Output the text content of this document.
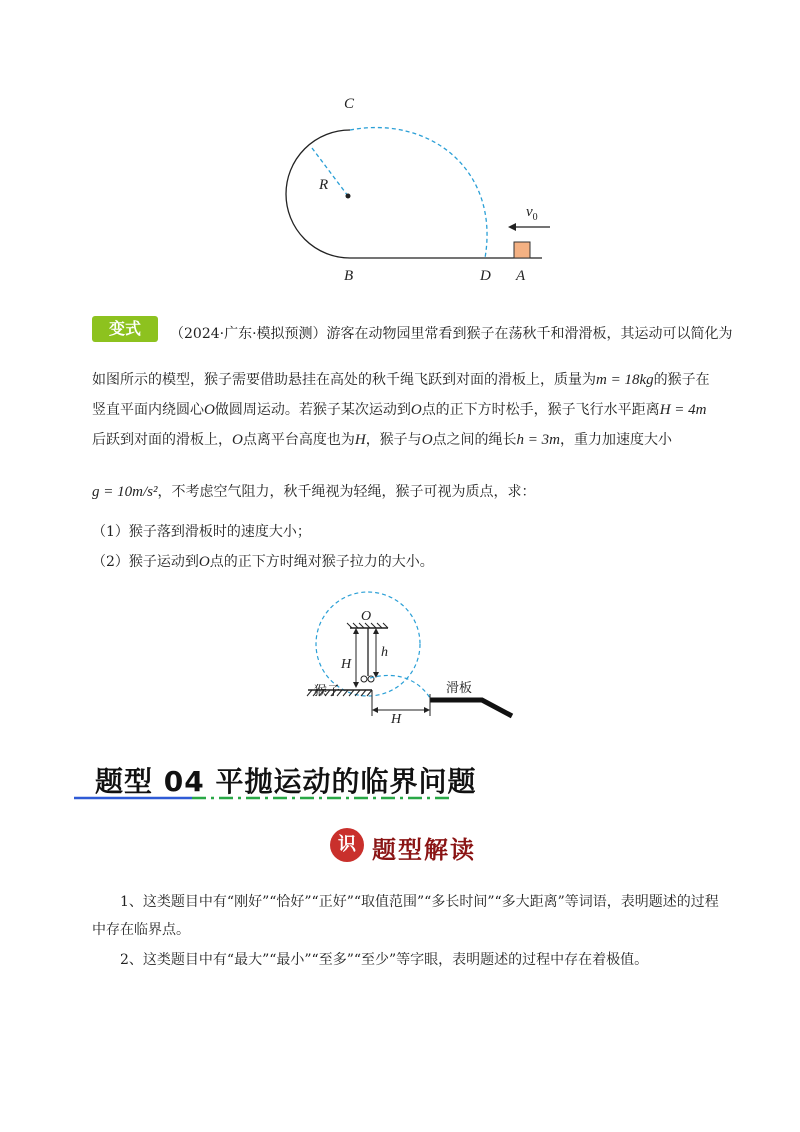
C
R
B	D A
$v_0$
变式	（2024·广东·模拟预测）游客在动物园里常看到猴子在荡秋千和滑滑板，其运动可以简化为
如图所示的模型，猴子需要借助悬挂在高处的秋千绳飞跃到对面的滑板上，质量为m = 18kg的猴子在
竖直平面内绕圆心O做圆周运动。若猴子某次运动到O点的正下方时松手，猴子飞行水平距离H = 4m
后跃到对面的滑板上，O点离平台高度也为H，猴子与O点之间的绳长h = 3m，重力加速度大小
g = 10m/s²，不考虑空气阻力，秋千绳视为轻绳，猴子可视为质点，求：
（1）猴子落到滑板时的速度大小；
（2）猴子运动到O点的正下方时绳对猴子拉力的大小。
O
h
H
H
猴子	滑板
题型 04 平抛运动的临界问题
识 题型解读
1、这类题目中有“刚好”“恰好”“正好”“取值范围”“多长时间”“多大距离”等词语，表明题述的过程中存在临界点。
2、这类题目中有“最大”“最小”“至多”“至少”等字眼，表明题述的过程中存在着极值。
